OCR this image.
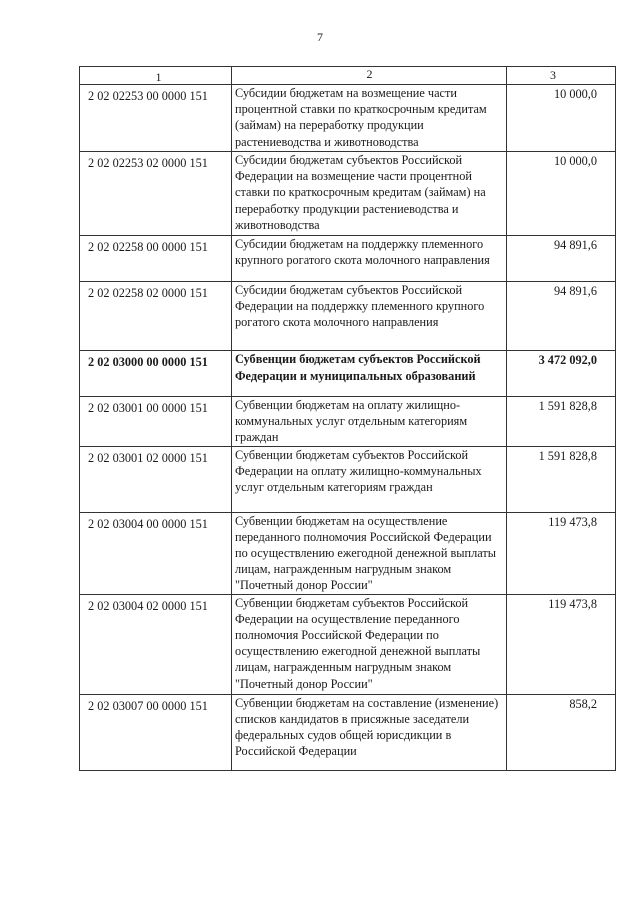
7
1	2	3
2 02 02253 00 0000 151	Субсидии бюджетам на возмещение части процентной ставки по краткосрочным кредитам (займам) на переработку продукции растениеводства и животноводства	10 000,0
2 02 02253 02 0000 151	Субсидии бюджетам субъектов Российской Федерации на возмещение части процентной ставки по краткосрочным кредитам (займам) на переработку продукции растениеводства и животноводства	10 000,0
2 02 02258 00 0000 151	Субсидии бюджетам на поддержку племенного крупного рогатого скота молочного направления	94 891,6
2 02 02258 02 0000 151	Субсидии бюджетам субъектов Российской Федерации на поддержку племенного крупного рогатого скота молочного направления	94 891,6
2 02 03000 00 0000 151	Субвенции бюджетам субъектов Российской Федерации и муниципальных образований	3 472 092,0
2 02 03001 00 0000 151	Субвенции бюджетам на оплату жилищно-коммунальных услуг отдельным категориям граждан	1 591 828,8
2 02 03001 02 0000 151	Субвенции бюджетам субъектов Российской Федерации на оплату жилищно-коммунальных услуг отдельным категориям граждан	1 591 828,8
2 02 03004 00 0000 151	Субвенции бюджетам на осуществление переданного полномочия Российской Федерации по осуществлению ежегодной денежной выплаты лицам, награжденным нагрудным знаком "Почетный донор России"	119 473,8
2 02 03004 02 0000 151	Субвенции бюджетам субъектов Российской Федерации на осуществление переданного полномочия Российской Федерации по осуществлению ежегодной денежной выплаты лицам, награжденным нагрудным знаком "Почетный донор России"	119 473,8
2 02 03007 00 0000 151	Субвенции бюджетам на составление (изменение) списков кандидатов в присяжные заседатели федеральных судов общей юрисдикции в Российской Федерации	858,2
